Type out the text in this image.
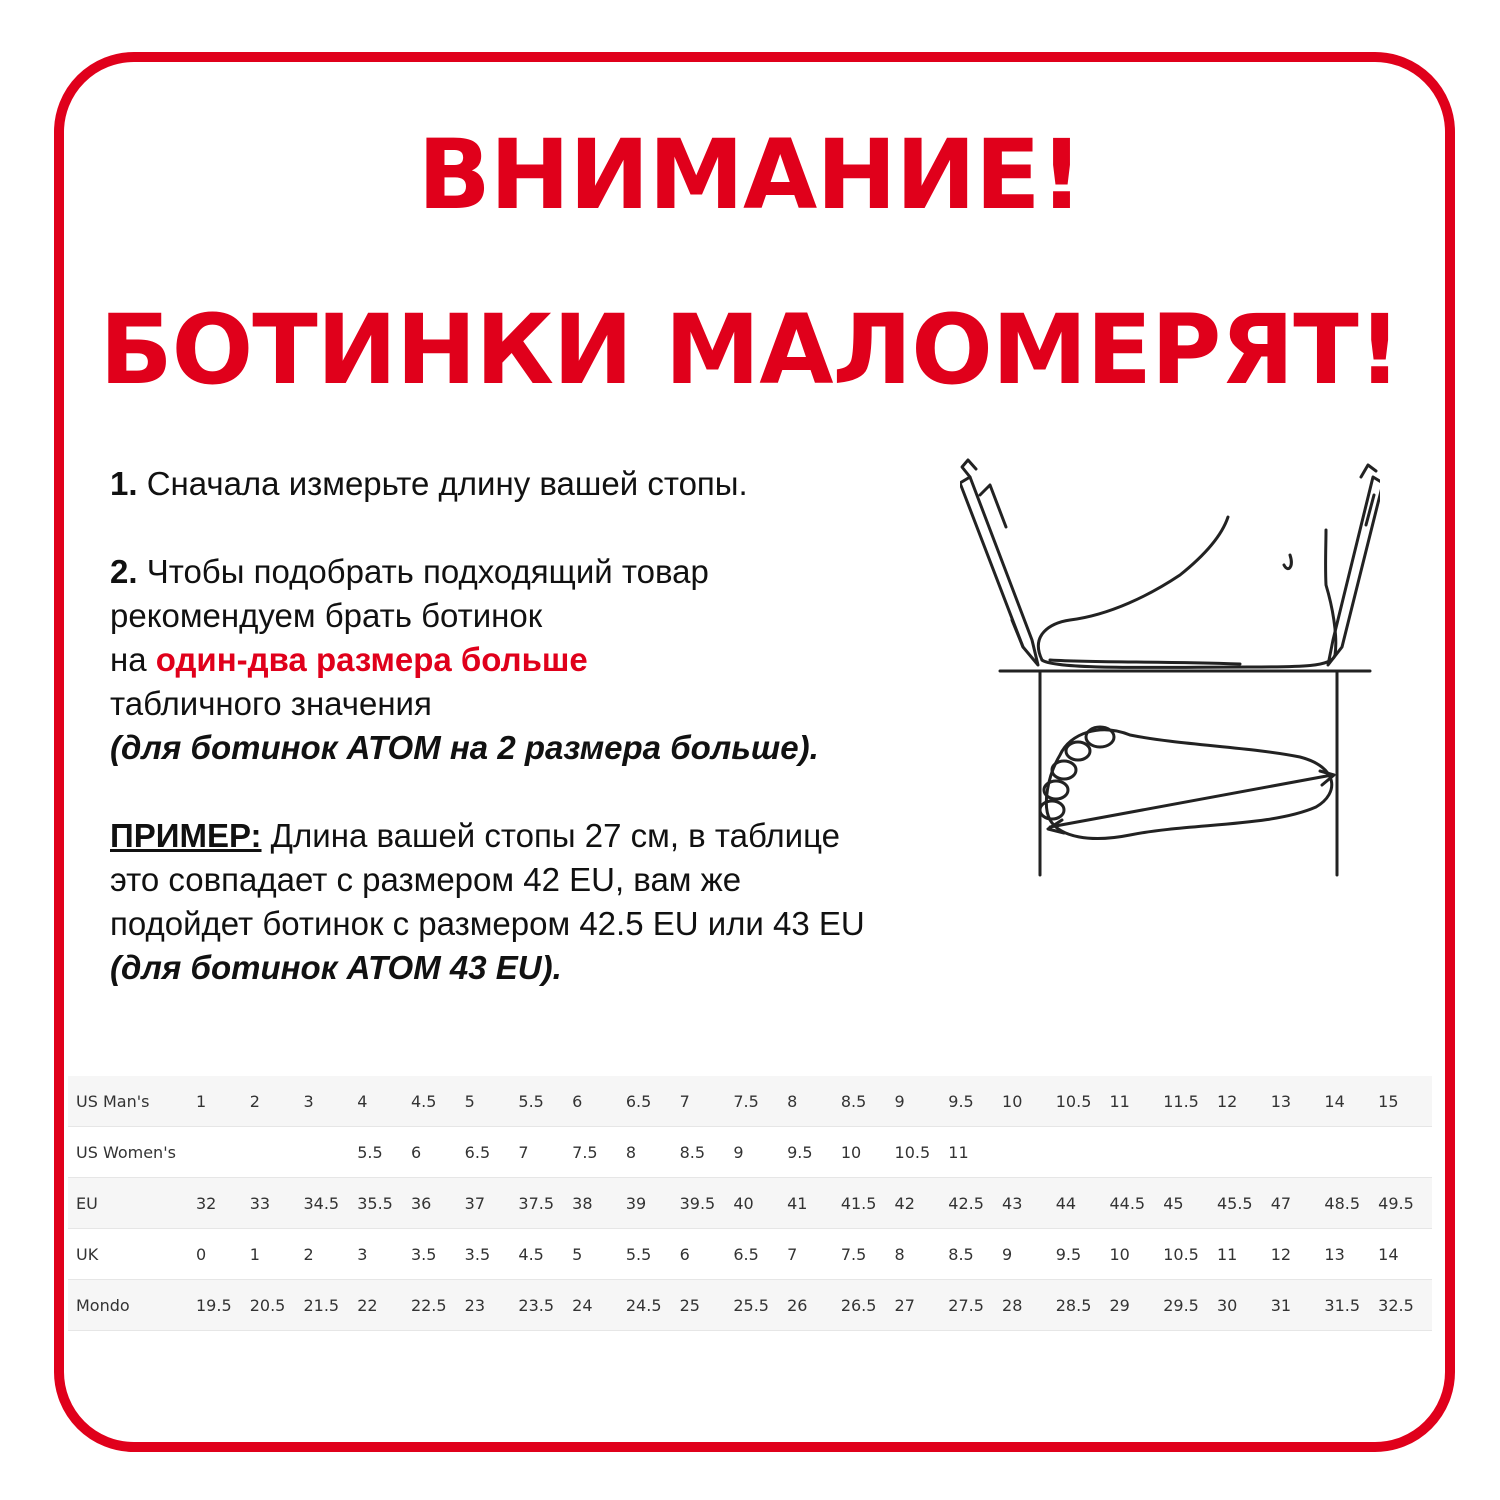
ВНИМАНИЕ!
БОТИНКИ МАЛОМЕРЯТ!

1. Сначала измерьте длину вашей стопы.

2. Чтобы подобрать подходящий товар

рекомендуем брать ботинок

на один-два размера больше

табличного значения

(для ботинок ATOM на 2 размера больше).

ПРИМЕР: Длина вашей стопы 27 см, в таблице

это совпадает с размером 42 EU, вам же

подойдет ботинок с размером 42.5 EU или 43 EU

(для ботинок ATOM 43 EU).

US Man's	1	2	3	4	4.5	5	5.5	6	6.5	7	7.5	8	8.5	9	9.5	10	10.5	11	11.5	12	13	14	15
US Women's				5.5	6	6.5	7	7.5	8	8.5	9	9.5	10	10.5	11								
EU	32	33	34.5	35.5	36	37	37.5	38	39	39.5	40	41	41.5	42	42.5	43	44	44.5	45	45.5	47	48.5	49.5
UK	0	1	2	3	3.5	3.5	4.5	5	5.5	6	6.5	7	7.5	8	8.5	9	9.5	10	10.5	11	12	13	14
Mondo	19.5	20.5	21.5	22	22.5	23	23.5	24	24.5	25	25.5	26	26.5	27	27.5	28	28.5	29	29.5	30	31	31.5	32.5
